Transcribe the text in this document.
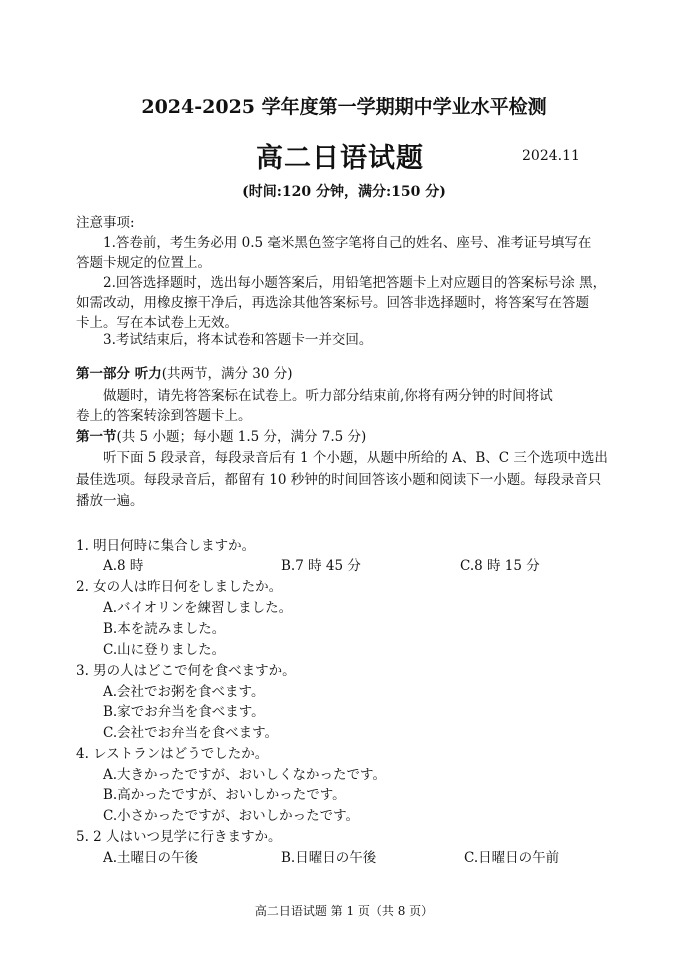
2024-2025 学年度第一学期期中学业水平检测
高二日语试题	2024.11
(时间:120 分钟，满分:150 分)
注意事项:
1.答卷前，考生务必用 0.5 毫米黑色签字笔将自己的姓名、座号、准考证号填写在
答题卡规定的位置上。
2.回答选择题时，选出每小题答案后，用铅笔把答题卡上对应题目的答案标号涂 黑，
如需改动，用橡皮擦干净后，再选涂其他答案标号。回答非选择题时，将答案写在答题
卡上。写在本试卷上无效。
3.考试结束后，将本试卷和答题卡一并交回。
第一部分 听力(共两节，满分 30 分)
做题时，请先将答案标在试卷上。听力部分结束前,你将有两分钟的时间将试
卷上的答案转涂到答题卡上。
第一节(共 5 小题；每小题 1.5 分，满分 7.5 分)
听下面 5 段录音，每段录音后有 1 个小题，从题中所给的 A、B、C 三个选项中选出
最佳选项。每段录音后，都留有 10 秒钟的时间回答该小题和阅读下一小题。每段录音只
播放一遍。
1. 明日何時に集合しますか。
A.8 時	B.7 時 45 分	C.8 時 15 分
2. 女の人は昨日何をしましたか。
A.バイオリンを練習しました。
B.本を読みました。
C.山に登りました。
3. 男の人はどこで何を食べますか。
A.会社でお粥を食べます。
B.家でお弁当を食べます。
C.会社でお弁当を食べます。
4. レストランはどうでしたか。
A.大きかったですが、おいしくなかったです。
B.高かったですが、おいしかったです。
C.小さかったですが、おいしかったです。
5. 2 人はいつ見学に行きますか。
A.土曜日の午後	B.日曜日の午後	C.日曜日の午前
高二日语试题 第 1 页（共 8 页）
